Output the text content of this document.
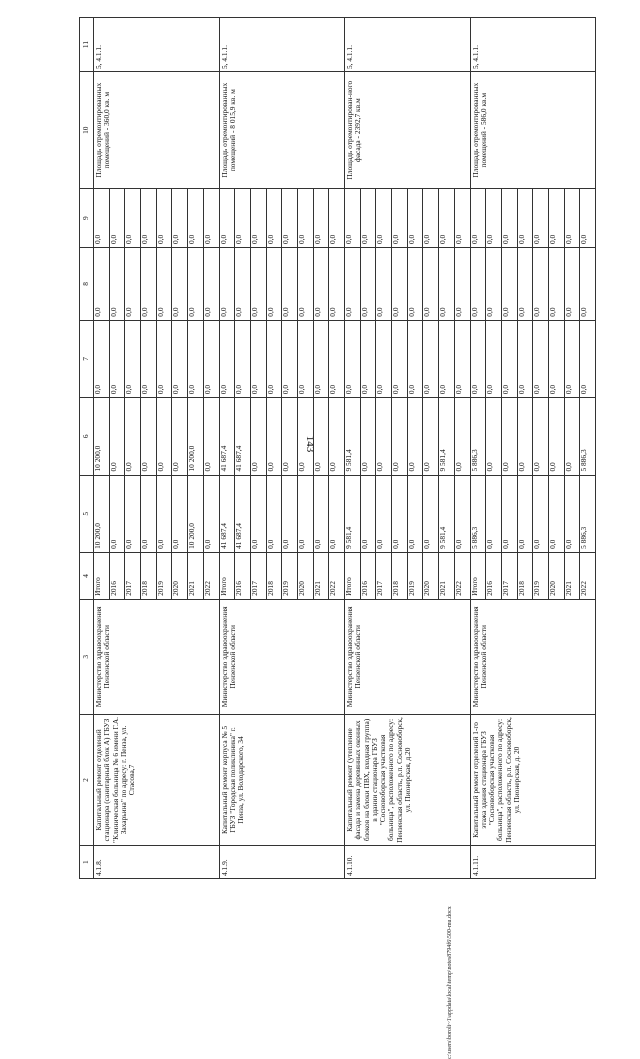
143
c:\users\boroli~1\appdata\local\temp\notes8794f6\500-mu.docx
1	2	3	4	5	6	7	8	9	10	11
4.1.8.	Капитальный ремонт отделений стационара (санитарный блок А) ГБУЗ "Клиническая больница № 6 имени Г.А. Захарьина" по адресу: г. Пенза, ул. Стасова,7	Министерство здравоохранения Пензенской области	Итого	10 200,0	10 200,0	0,0	0,0	0,0	Площадь отремонтированных помещений - 360,0 кв. м	5, 4.1.1.
			2016	0,0	0,0	0,0	0,0	0,0		
			2017	0,0	0,0	0,0	0,0	0,0		
			2018	0,0	0,0	0,0	0,0	0,0		
			2019	0,0	0,0	0,0	0,0	0,0		
			2020	0,0	0,0	0,0	0,0	0,0		
			2021	10 200,0	10 200,0	0,0	0,0	0,0		
			2022	0,0	0,0	0,0	0,0	0,0		
4.1.9.	Капитальный ремонт корпуса № 5 ГБУЗ "Городская поликлиника" г. Пенза, ул. Володарского, 34	Министерство здравоохранения Пензенской области	Итого	41 687,4	41 687,4	0,0	0,0	0,0	Площадь отремонтированных помещений - 8 015,9 кв. м	5, 4.1.1.
			2016	41 687,4	41 687,4	0,0	0,0	0,0		
			2017	0,0	0,0	0,0	0,0	0,0		
			2018	0,0	0,0	0,0	0,0	0,0		
			2019	0,0	0,0	0,0	0,0	0,0		
			2020	0,0	0,0	0,0	0,0	0,0		
			2021	0,0	0,0	0,0	0,0	0,0		
			2022	0,0	0,0	0,0	0,0	0,0		
4.1.10.	Капитальный ремонт (утепление фасада и замена деревянных оконных блоков на блоки ПВХ, входная группа) в здании стационара ГБУЗ "Сосновоборская участковая больница", расположенного по адресу: Пензенская область, р.п. Сосновоборск, ул. Пионерская, д.20	Министерство здравоохранения Пензенской области	Итого	9 581,4	9 581,4	0,0	0,0	0,0	Площадь отремонтирован-ного фасада - 2392,7 кв.м	5, 4.1.1.
			2016	0,0	0,0	0,0	0,0	0,0		
			2017	0,0	0,0	0,0	0,0	0,0		
			2018	0,0	0,0	0,0	0,0	0,0		
			2019	0,0	0,0	0,0	0,0	0,0		
			2020	0,0	0,0	0,0	0,0	0,0		
			2021	9 581,4	9 581,4	0,0	0,0	0,0		
			2022	0,0	0,0	0,0	0,0	0,0		
4.1.11.	Капитальный ремонт отделений 1-го этажа здания стационара ГБУЗ "Сосновоборская участковая больница", расположенного по адресу: Пензенская область, р.п. Сосновоборск, ул. Пионерская, д. 20	Министерство здравоохранения Пензенской области	Итого	5 886,3	5 886,3	0,0	0,0	0,0	Площадь отремонтированных помещений - 586,0 кв.м	5, 4.1.1.
			2016	0,0	0,0	0,0	0,0	0,0		
			2017	0,0	0,0	0,0	0,0	0,0		
			2018	0,0	0,0	0,0	0,0	0,0		
			2019	0,0	0,0	0,0	0,0	0,0		
			2020	0,0	0,0	0,0	0,0	0,0		
			2021	0,0	0,0	0,0	0,0	0,0		
			2022	5 886,3	5 886,3	0,0	0,0	0,0		
